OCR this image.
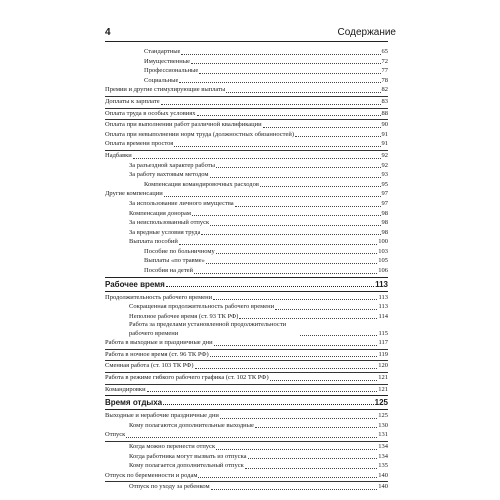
4	Содержание
Стандартные	65
Имущественные	72
Профессиональные	77
Социальные	78
Премии и другие стимулирующие выплаты	82
Доплаты к зарплате	83
Оплата труда в особых условиях	88
Оплата при выполнении работ различной квалификации	90
Оплата при невыполнении норм труда (должностных обязанностей)	91
Оплата времени простоя	91
Надбавки	92
За разъездной характер работы	92
За работу вахтовым методом	93
Компенсация командировочных расходов	95
Другие компенсации	97
За использование личного имущества	97
Компенсация донорам	98
За неиспользованный отпуск	98
За вредные условия труда	98
Выплата пособий	100
Пособие по больничному	103
Выплаты «по травме»	105
Пособия на детей	106
Рабочее время	113
Продолжительность рабочего времени	113
Сокращенная продолжительность рабочего времени	113
Неполное рабочее время (ст. 93 ТК РФ)	114
Работа за пределами установленной продолжительности рабочего времени	115
Работа в выходные и праздничные дни	117
Работа в ночное время (ст. 96 ТК РФ)	119
Сменная работа (ст. 103 ТК РФ)	120
Работа в режиме гибкого рабочего графика (ст. 102 ТК РФ)	121
Командировки	121
Время отдыха	125
Выходные и нерабочие праздничные дни	125
Кому полагаются дополнительные выходные	130
Отпуск	131
Когда можно перенести отпуск	134
Когда работника могут вызвать из отпуска	134
Кому полагается дополнительный отпуск	135
Отпуск по беременности и родам	140
Отпуск по уходу за ребенком	140
